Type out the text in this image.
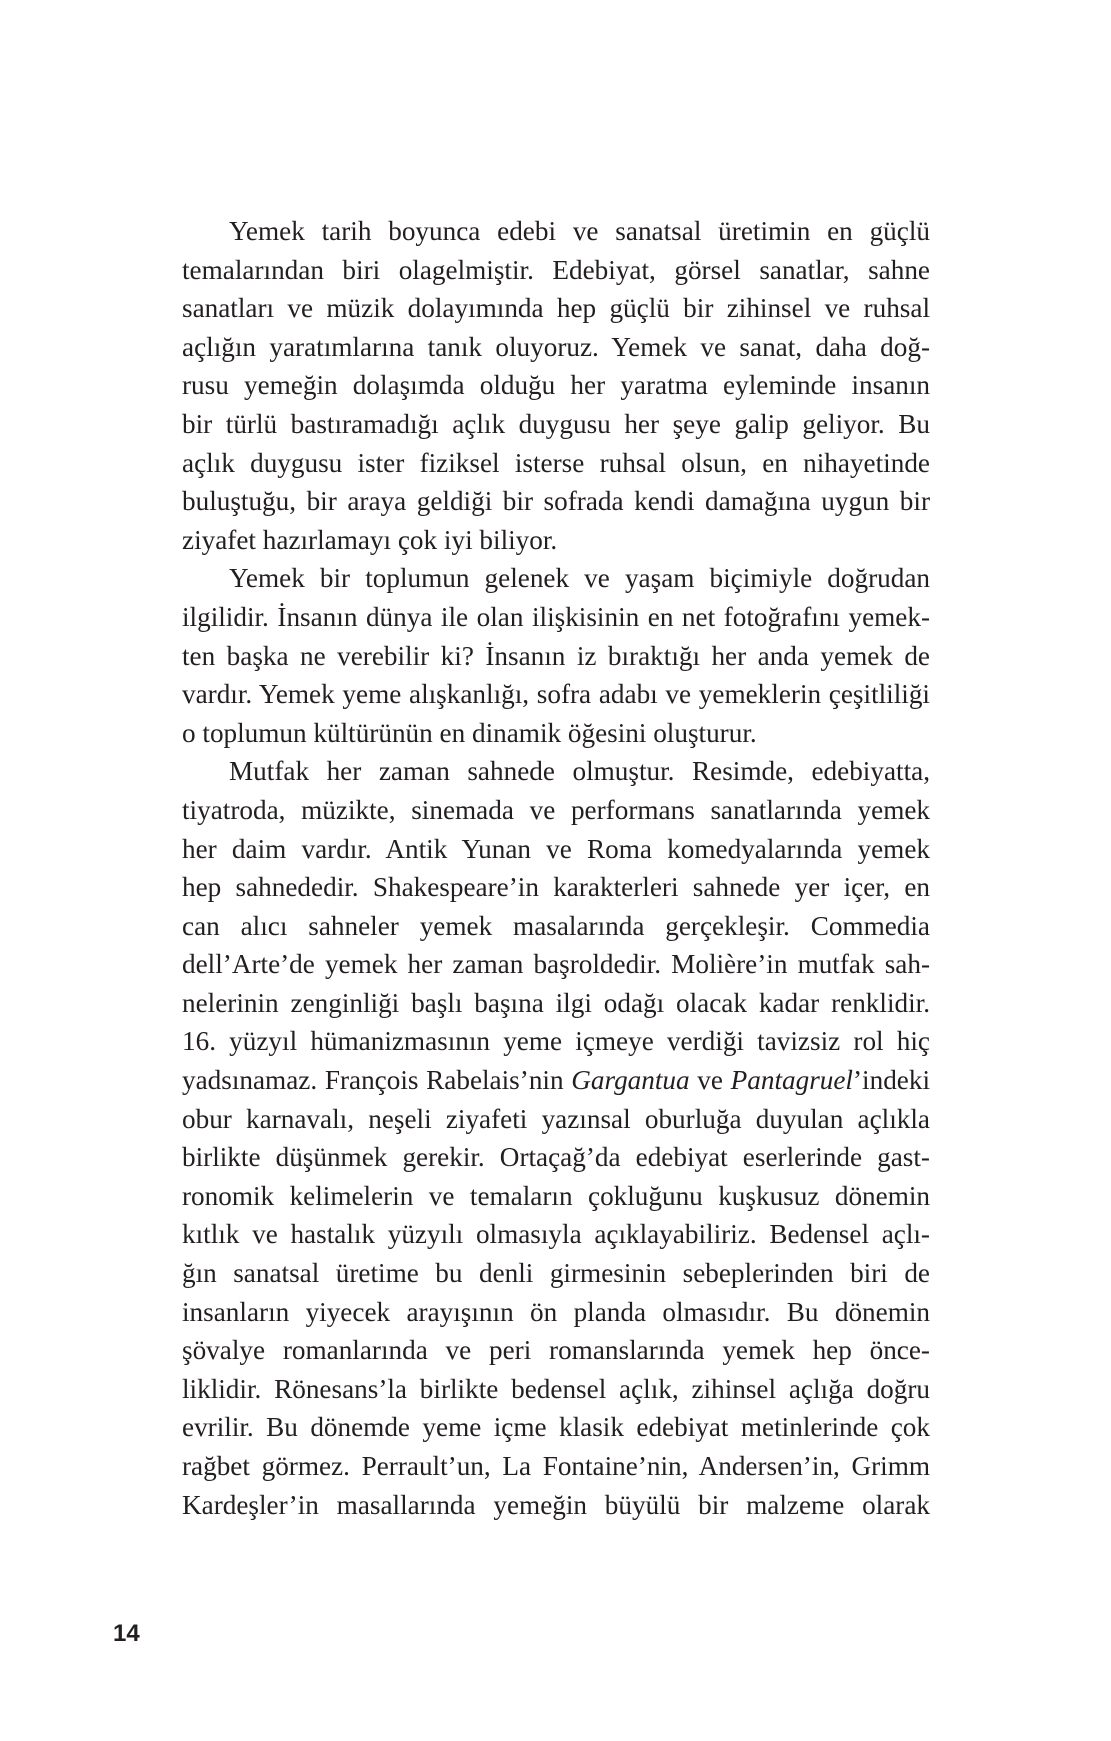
Yemek tarih boyunca edebi ve sanatsal üretimin en güçlü
temalarından biri olagelmiştir. Edebiyat, görsel sanatlar, sahne
sanatları ve müzik dolayımında hep güçlü bir zihinsel ve ruhsal
açlığın yaratımlarına tanık oluyoruz. Yemek ve sanat, daha doğ-
rusu yemeğin dolaşımda olduğu her yaratma eyleminde insanın
bir türlü bastıramadığı açlık duygusu her şeye galip geliyor. Bu
açlık duygusu ister fiziksel isterse ruhsal olsun, en nihayetinde
buluştuğu, bir araya geldiği bir sofrada kendi damağına uygun bir
ziyafet hazırlamayı çok iyi biliyor.
Yemek bir toplumun gelenek ve yaşam biçimiyle doğrudan
ilgilidir. İnsanın dünya ile olan ilişkisinin en net fotoğrafını yemek-
ten başka ne verebilir ki? İnsanın iz bıraktığı her anda yemek de
vardır. Yemek yeme alışkanlığı, sofra adabı ve yemeklerin çeşitliliği
o toplumun kültürünün en dinamik öğesini oluşturur.
Mutfak her zaman sahnede olmuştur. Resimde, edebiyatta,
tiyatroda, müzikte, sinemada ve performans sanatlarında yemek
her daim vardır. Antik Yunan ve Roma komedyalarında yemek
hep sahnededir. Shakespeare’in karakterleri sahnede yer içer, en
can alıcı sahneler yemek masalarında gerçekleşir. Commedia
dell’Arte’de yemek her zaman başroldedir. Molière’in mutfak sah-
nelerinin zenginliği başlı başına ilgi odağı olacak kadar renklidir.
16. yüzyıl hümanizmasının yeme içmeye verdiği tavizsiz rol hiç
yadsınamaz. François Rabelais’nin Gargantua ve Pantagruel’indeki
obur karnavalı, neşeli ziyafeti yazınsal oburluğa duyulan açlıkla
birlikte düşünmek gerekir. Ortaçağ’da edebiyat eserlerinde gast-
ronomik kelimelerin ve temaların çokluğunu kuşkusuz dönemin
kıtlık ve hastalık yüzyılı olmasıyla açıklayabiliriz. Bedensel açlı-
ğın sanatsal üretime bu denli girmesinin sebeplerinden biri de
insanların yiyecek arayışının ön planda olmasıdır. Bu dönemin
şövalye romanlarında ve peri romanslarında yemek hep önce-
liklidir. Rönesans’la birlikte bedensel açlık, zihinsel açlığa doğru
evrilir. Bu dönemde yeme içme klasik edebiyat metinlerinde çok
rağbet görmez. Perrault’un, La Fontaine’nin, Andersen’in, Grimm
Kardeşler’in masallarında yemeğin büyülü bir malzeme olarak
14
